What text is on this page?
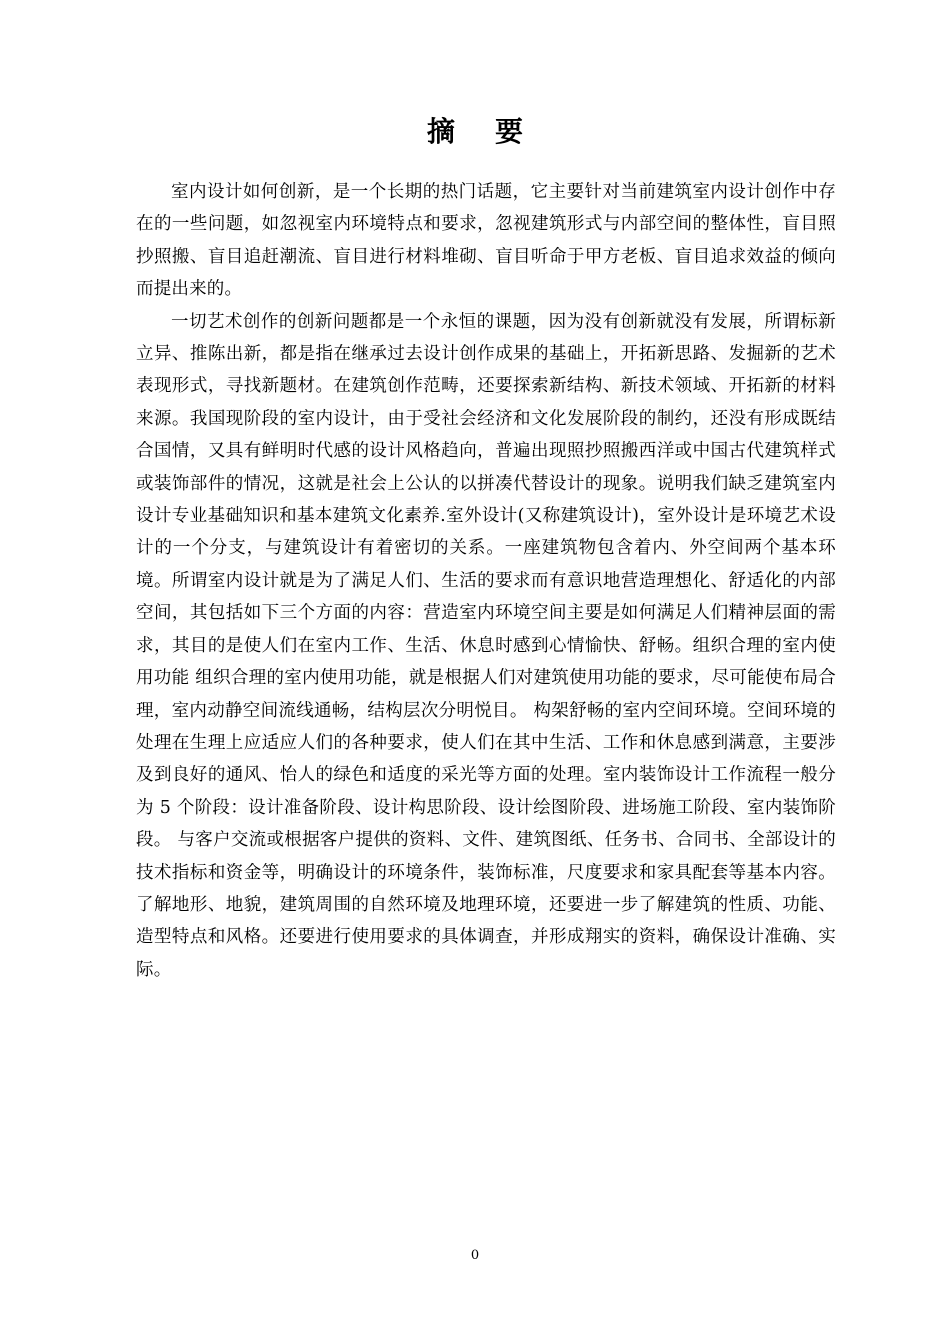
摘要

室内设计如何创新，是一个长期的热门话题，它主要针对当前建筑室内设计创作中存在的一些问题，如忽视室内环境特点和要求，忽视建筑形式与内部空间的整体性，盲目照抄照搬、盲目追赶潮流、盲目进行材料堆砌、盲目听命于甲方老板、盲目追求效益的倾向而提出来的。

一切艺术创作的创新问题都是一个永恒的课题，因为没有创新就没有发展，所谓标新立异、推陈出新，都是指在继承过去设计创作成果的基础上，开拓新思路、发掘新的艺术表现形式，寻找新题材。在建筑创作范畴，还要探索新结构、新技术领域、开拓新的材料来源。我国现阶段的室内设计，由于受社会经济和文化发展阶段的制约，还没有形成既结合国情，又具有鲜明时代感的设计风格趋向，普遍出现照抄照搬西洋或中国古代建筑样式或装饰部件的情况，这就是社会上公认的以拼凑代替设计的现象。说明我们缺乏建筑室内设计专业基础知识和基本建筑文化素养.室外设计(又称建筑设计)，室外设计是环境艺术设计的一个分支，与建筑设计有着密切的关系。一座建筑物包含着内、外空间两个基本环境。所谓室内设计就是为了满足人们、生活的要求而有意识地营造理想化、舒适化的内部空间，其包括如下三个方面的内容：营造室内环境空间主要是如何满足人们精神层面的需求，其目的是使人们在室内工作、生活、休息时感到心情愉快、舒畅。组织合理的室内使用功能 组织合理的室内使用功能，就是根据人们对建筑使用功能的要求，尽可能使布局合理，室内动静空间流线通畅，结构层次分明悦目。 构架舒畅的室内空间环境。空间环境的处理在生理上应适应人们的各种要求，使人们在其中生活、工作和休息感到满意，主要涉及到良好的通风、怡人的绿色和适度的采光等方面的处理。室内装饰设计工作流程一般分为 5 个阶段：设计准备阶段、设计构思阶段、设计绘图阶段、进场施工阶段、室内装饰阶段。 与客户交流或根据客户提供的资料、文件、建筑图纸、任务书、合同书、全部设计的技术指标和资金等，明确设计的环境条件，装饰标准，尺度要求和家具配套等基本内容。 了解地形、地貌，建筑周围的自然环境及地理环境，还要进一步了解建筑的性质、功能、造型特点和风格。还要进行使用要求的具体调查，并形成翔实的资料，确保设计准确、实际。

0
